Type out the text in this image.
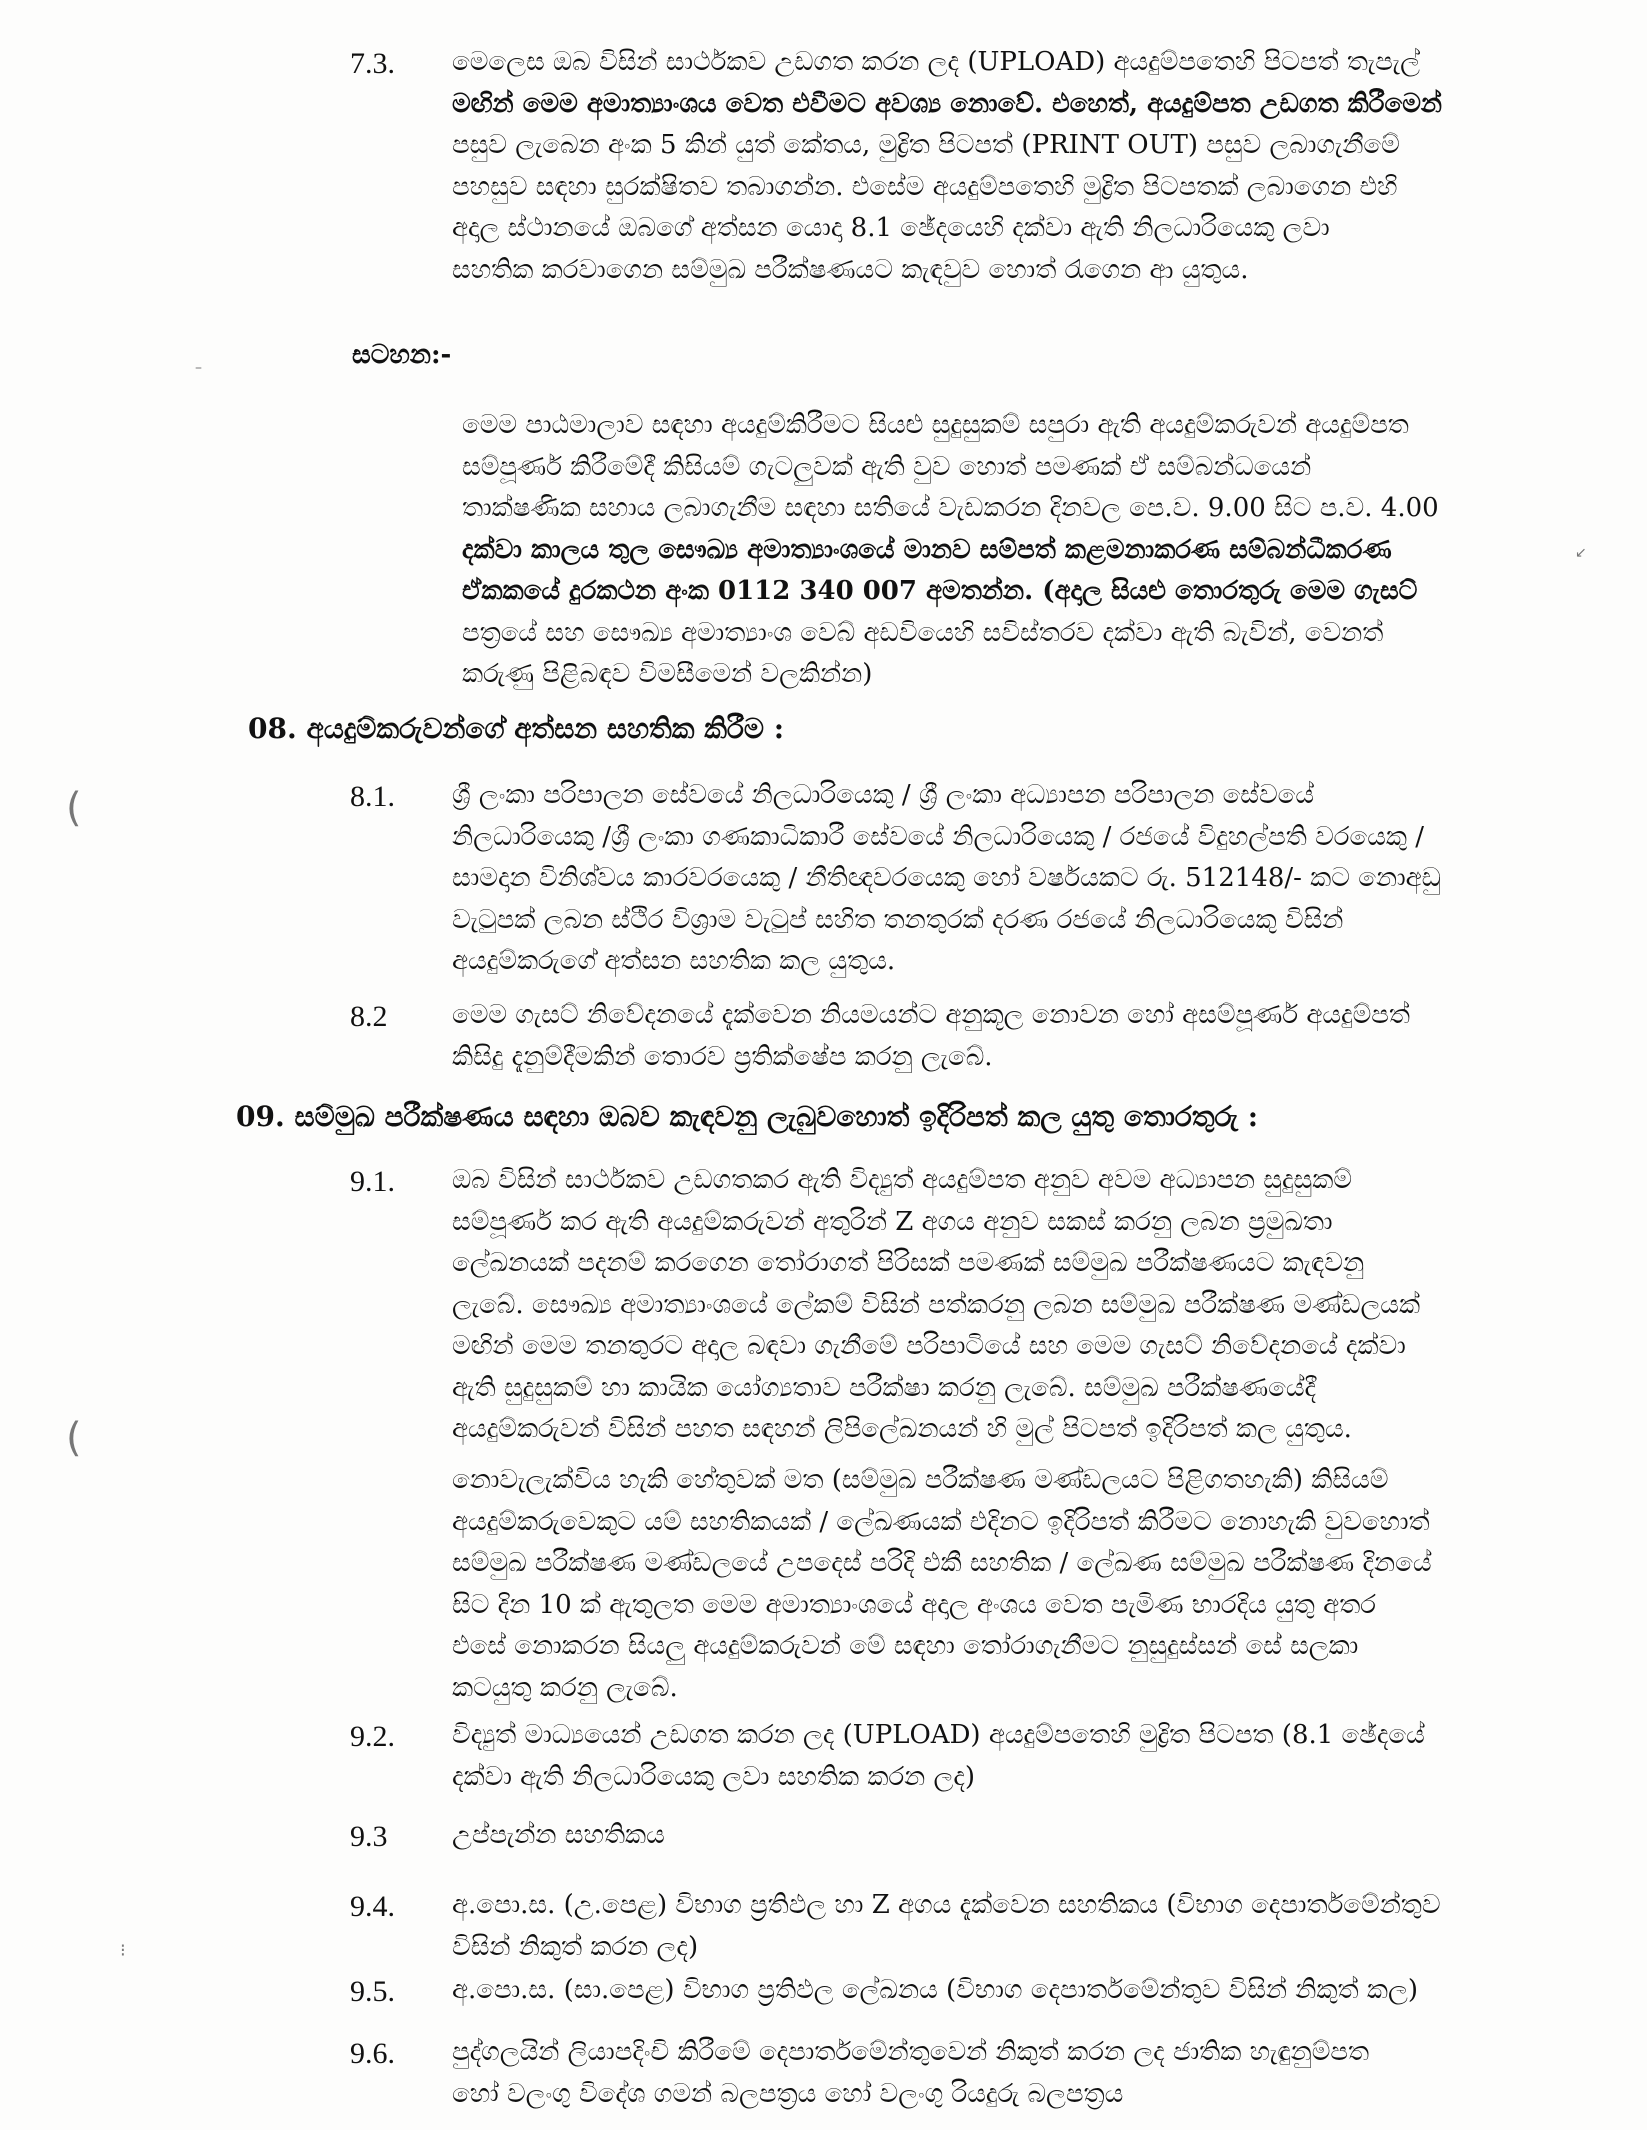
–
(
(
↙
7.3. මෙලෙස ඔබ විසින් සාර්ථකව උඩගත කරන ලද (UPLOAD) අයදුම්පතෙහි පිටපත් තැපැල්
මඟින් මෙම අමාත්‍යාංශය වෙත එවීමට අවශ්‍ය නොවේ. එහෙත්, අයදුම්පත උඩගත කිරීමෙන්
පසුව ලැබෙන අංක 5 කින් යුත් කේතය, මුද්‍රිත පිටපත් (PRINT OUT) පසුව ලබාගැනීමේ
පහසුව සඳහා සුරක්ෂිතව තබාගන්න. එසේම අයදුම්පතෙහි මුද්‍රිත පිටපතක් ලබාගෙන එහි
අදාල ස්ථානයේ ඔබගේ අත්සන යොදා 8.1 ඡේදයෙහි දක්වා ඇති නිලධාරියෙකු ලවා
සහතික කරවාගෙන සම්මුඛ පරීක්ෂණයට කැඳවුව හොත් රැගෙන ආ යුතුය.
සටහන:-
මෙම පාඨමාලාව සඳහා අයදුම්කිරීමට සියළු සුදුසුකම් සපුරා ඇති අයදුම්කරුවන් අයදුම්පත
සම්පූර්ණ කිරීමේදී කිසියම් ගැටලුවක් ඇති වුව හොත් පමණක් ඒ සම්බන්ධයෙන්
තාක්ෂණික සහාය ලබාගැනීම සඳහා සතියේ වැඩකරන දිනවල පෙ.ව. 9.00 සිට ප.ව. 4.00
දක්වා කාලය තුල සෞඛ්‍ය අමාත්‍යාංශයේ මානව සම්පත් කළමනාකරණ සම්බන්ධීකරණ
ඒකකයේ දුරකථන අංක 0112 340 007 අමතන්න. (අදාල සියළු තොරතුරු මෙම ගැසට්
පත්‍රයේ සහ සෞඛ්‍ය අමාත්‍යාංශ වෙබ් අඩවියෙහි සවිස්තරව දක්වා ඇති බැවින්, වෙනත්
කරුණු පිළිබඳව විමසීමෙන් වලකින්න)
08. අයදුම්කරුවන්ගේ අත්සන සහතික කිරීම :
8.1. ශ්‍රී ලංකා පරිපාලන සේවයේ නිලධාරියෙකු / ශ්‍රී ලංකා අධ්‍යාපන පරිපාලන සේවයේ
නිලධාරියෙකු /ශ්‍රී ලංකා ගණකාධිකාරී සේවයේ නිලධාරියෙකු / රජයේ විදුහල්පති වරයෙකු /
සාමදාන විනිශ්වය කාරවරයෙකු / නීතිඥවරයෙකු හෝ වර්ෂයකට රු. 512148/- කට නොඅඩු
වැටුපක් ලබන ස්ථිර විශ්‍රාම වැටුප් සහිත තනතුරක් දරණ රජයේ නිලධාරියෙකු විසින්
අයදුම්කරුගේ අත්සන සහතික කල යුතුය.
8.2 මෙම ගැසට් නිවේදනයේ දැක්වෙන නියමයන්ට අනුකූල නොවන හෝ අසම්පූර්ණ අයදුම්පත්
කිසිදු දැනුම්දීමකින් තොරව ප්‍රතික්ෂේප කරනු ලැබේ.
09. සම්මුඛ පරීක්ෂණය සඳහා ඔබව කැඳවනු ලැබුවහොත් ඉදිරිපත් කල යුතු තොරතුරු :
9.1. ඔබ විසින් සාර්ථකව උඩගතකර ඇති විද්‍යුත් අයදුම්පත අනුව අවම අධ්‍යාපන සුදුසුකම්
සම්පූර්ණ කර ඇති අයදුම්කරුවන් අතුරින් Z අගය අනුව සකස් කරනු ලබන ප්‍රමුඛතා
ලේඛනයක් පදනම් කරගෙන තෝරාගත් පිරිසක් පමණක් සම්මුඛ පරීක්ෂණයට කැඳවනු
ලැබේ. සෞඛ්‍ය අමාත්‍යාංශයේ ලේකම් විසින් පත්කරනු ලබන සම්මුඛ පරීක්ෂණ මණ්ඩලයක්
මඟින් මෙම තනතුරට අදාල බඳවා ගැනීමේ පරිපාටියේ සහ මෙම ගැසට් නිවේදනයේ දක්වා
ඇති සුදුසුකම් හා කායික යෝග්‍යතාව පරීක්ෂා කරනු ලැබේ. සම්මුඛ පරීක්ෂණයේදී
අයදුම්කරුවන් විසින් පහත සඳහන් ලිපිලේඛනයන් හි මුල් පිටපත් ඉදිරිපත් කල යුතුය.
නොවැලැක්විය හැකි හේතුවක් මත (සම්මුඛ පරීක්ෂණ මණ්ඩලයට පිළිගතහැකි) කිසියම්
අයදුම්කරුවෙකුට යම් සහතිකයක් / ලේඛණයක් එදිනට ඉදිරිපත් කිරීමට නොහැකි වුවහොත්
සම්මුඛ පරීක්ෂණ මණ්ඩලයේ උපදෙස් පරිදි එකී සහතික / ලේඛණ සම්මුඛ පරීක්ෂණ දිනයේ
සිට දින 10 ක් ඇතුලත මෙම අමාත්‍යාංශයේ අදාල අංශය වෙත පැමිණ භාරදිය යුතු අතර
එසේ නොකරන සියලු අයදුම්කරුවන් මේ සඳහා තෝරාගැනීමට නුසුදුස්සන් සේ සලකා
කටයුතු කරනු ලැබේ.
9.2. විද්‍යුත් මාධ්‍යයෙන් උඩගත කරන ලද (UPLOAD) අයදුම්පතෙහි මුද්‍රිත පිටපත (8.1 ඡේදයේ
දක්වා ඇති නිලධාරියෙකු ලවා සහතික කරන ලද)
9.3 උප්පැන්න සහතිකය
9.4. අ.පො.ස. (උ.පෙළ) විභාග ප්‍රතිඵල හා Z අගය දැක්වෙන සහතිකය (විභාග දෙපාර්තමේන්තුව
විසින් නිකුත් කරන ලද)
9.5. අ.පො.ස. (සා.පෙළ) විභාග ප්‍රතිඵල ලේඛනය (විභාග දෙපාර්තමේන්තුව විසින් නිකුත් කල)
9.6. පුද්ගලයින් ලියාපදිංචි කිරීමේ දෙපාර්තමේන්තුවෙන් නිකුත් කරන ලද ජාතික හැඳුනුම්පත
හෝ වලංගු විදේශ ගමන් බලපත්‍රය හෝ වලංගු රියදුරු බලපත්‍රය
⁝
